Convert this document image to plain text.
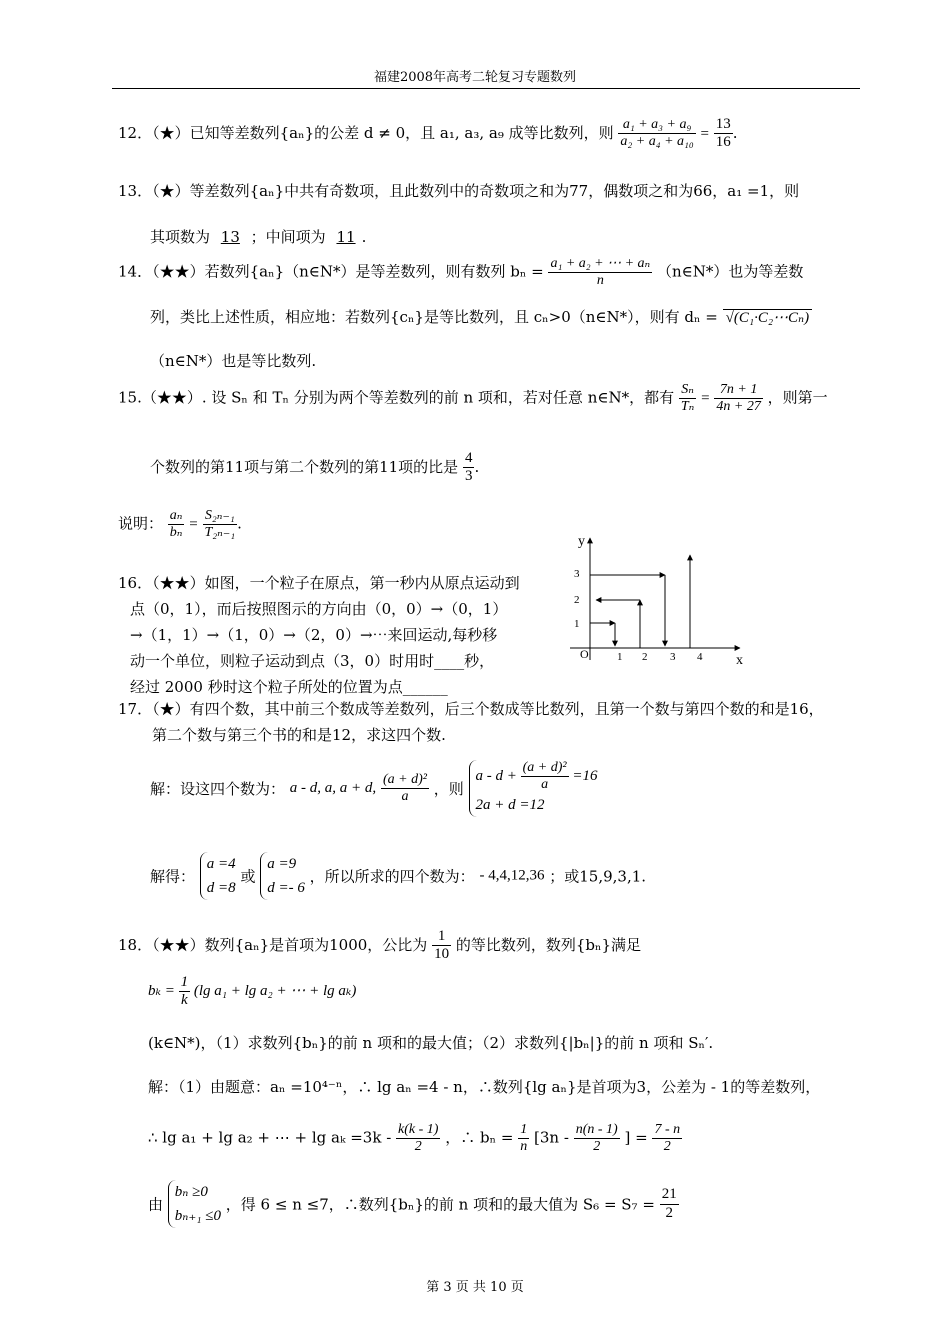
福建2008年高考二轮复习专题数列
12．（★）已知等差数列{aₙ}的公差 d ≠ 0，且 a₁, a₃, a₉ 成等比数列，则 $\frac{\text{a₁ + a₃ + a₉}}{\text{a₂ + a₄ + a₁₀}} = \frac{13}{16}$ .
13．（★）等差数列{aₙ}中共有奇数项，且此数列中的奇数项之和为77，偶数项之和为66，a₁ =1，则
其项数为 13 ；中间项为 11 .
14．（★★）若数列{aₙ}（n∈N*）是等差数列，则有数列 $b_n = \frac{\text{a₁ + a₂ + ⋯ + aₙ}}{n}$ （n∈N*）也为等差数
列，类比上述性质，相应地：若数列{cₙ}是等比数列，且 cₙ>0（n∈N*），则有 dₙ = √(C₁·C₂⋯Cₙ)
（n∈N*）也是等比数列.
15.（★★）. 设 Sₙ 和 Tₙ 分别为两个等差数列的前 n 项和，若对任意 n∈N*，都有 $\frac{\text{Sₙ}}{\text{Tₙ}} = \frac{7n + 1}{4n + 27}$ ，则第一
个数列的第11项与第二个数列的第11项的比是 $\frac{4}{3}$ .
说明： $\frac{\text{aₙ}}{\text{bₙ}} = \frac{\text{S₂ₙ₋₁}}{\text{T₂ₙ₋₁}}$ .
16．（★★）如图，一个粒子在原点，第一秒内从原点运动到
点（0，1），而后按照图示的方向由（0，0）→（0，1）
→（1，1）→（1，0）→（2，0）→⋯来回运动,每秒移
动一个单位，则粒子运动到点（3，0）时用时____秒，
经过 2000 秒时这个粒子所处的位置为点______
y
x
O	1 2 3 4
1
2
3
17．（★）有四个数，其中前三个数成等差数列，后三个数成等比数列，且第一个数与第四个数的和是16，
第二个数与第三个书的和是12，求这四个数.
解：设这四个数为： a - d, a, a + d, $\frac{\text{(a + d)²}}{a}$ ，则
$a - d + \frac{\text{(a + d)²}}{a} =16$
2a + d =12
解得：
a =4
d =8
或
a =9
d =- 6
，所以所求的四个数为： - 4,4,12,36 ；或15,9,3,1.
18．（★★）数列{aₙ}是首项为1000，公比为 $\frac{1}{10}$ 的等比数列，数列{bₙ}满足
$b_k = \frac{1}{k} (\lg$ a₁ + lg a₂ + ⋯ + lg aₖ)
(k∈N*)，（1）求数列{bₙ}的前 n 项和的最大值；（2）求数列{|bₙ|}的前 n 项和 Sₙ′.
解：（1）由题意：aₙ =10⁴⁻ⁿ，∴ lg aₙ =4 - n，∴数列{lg aₙ}是首项为3，公差为 - 1的等差数列，
∴ lg a₁ + lg a₂ + ⋯ + $\lg a_k =3k - \frac{k(k - 1)}{2}$ ，∴ $b_n = \frac{1}{n} [3n - \frac{n(n - 1)}{2}$ ] = $\frac{7 - n}{2}$
由
bₙ ≥0
bₙ₊₁ ≤0
，得 6 ≤ n ≤7，∴数列{bₙ}的前 n 项和的最大值为 $S_6 = S_7 = \frac{21}{2}$
第 3 页 共 10 页
